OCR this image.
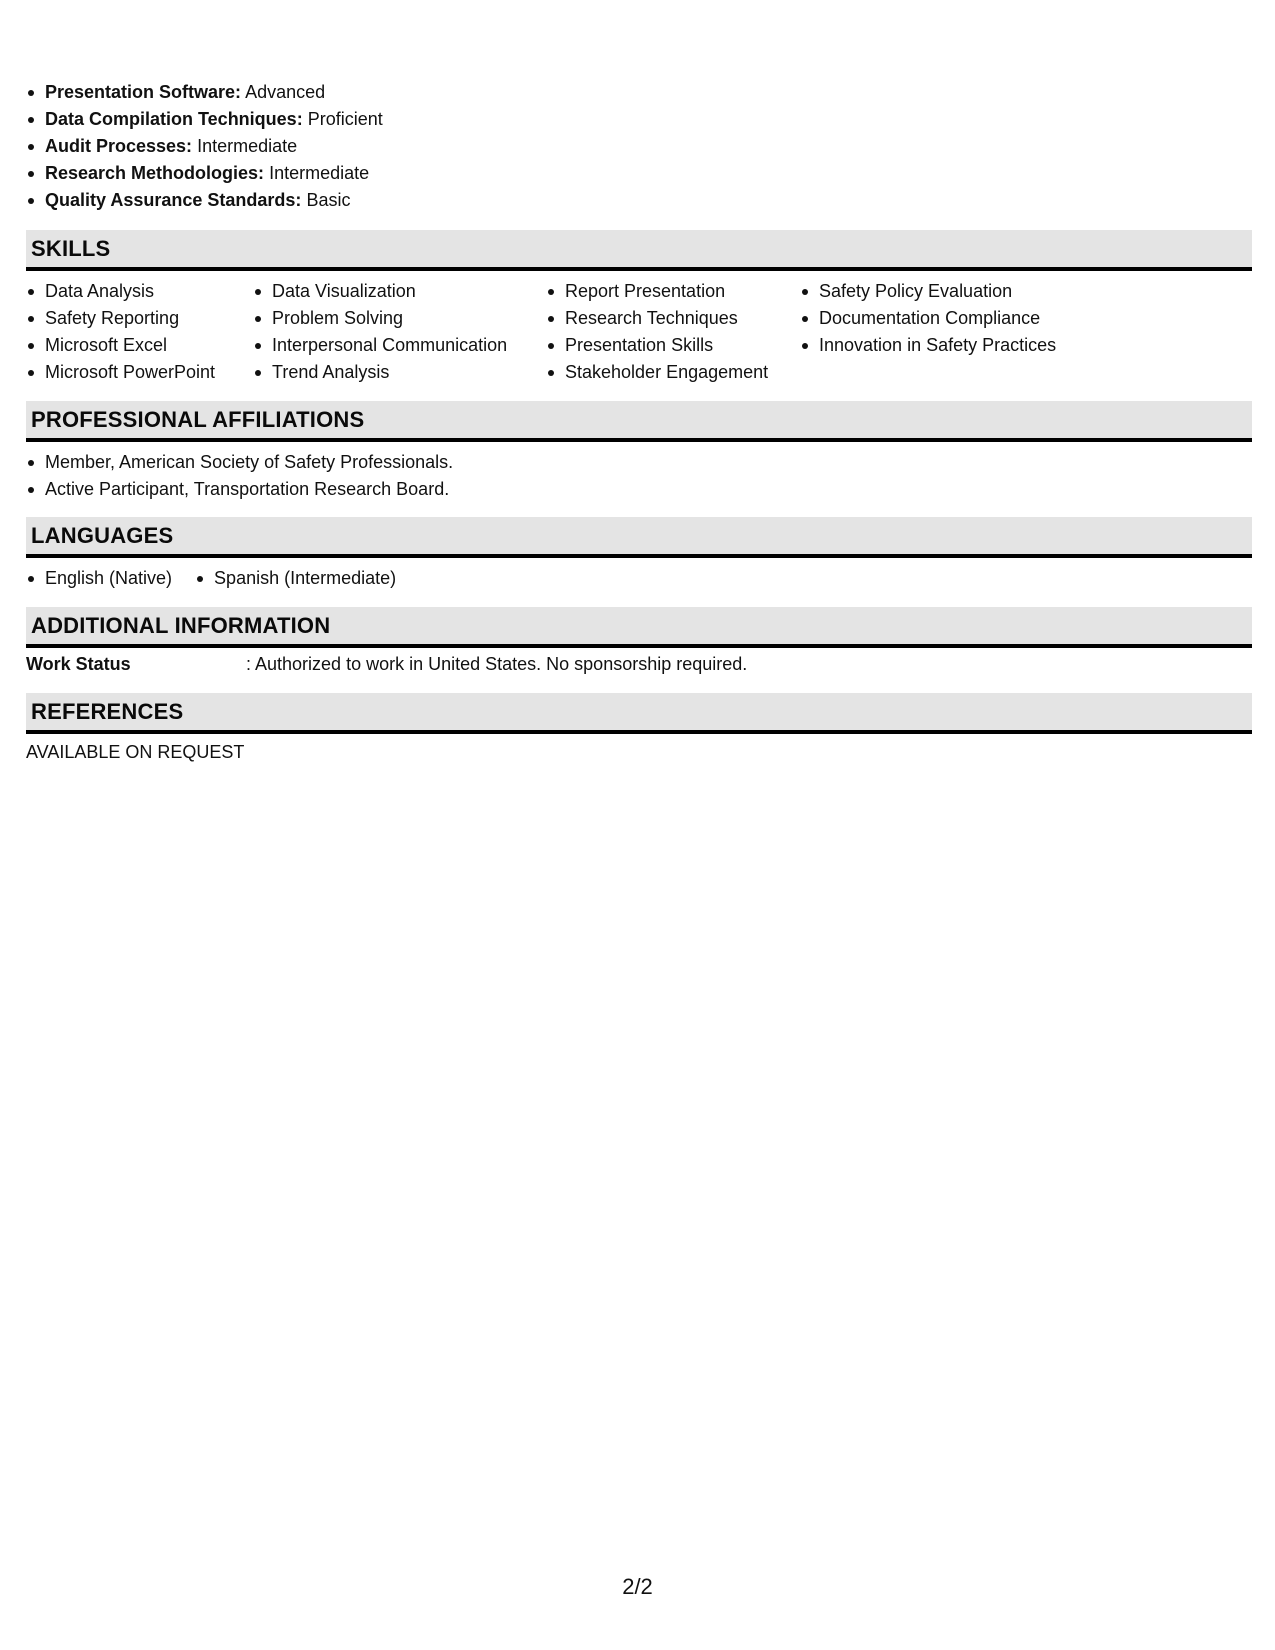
Presentation Software: Advanced
Data Compilation Techniques: Proficient
Audit Processes: Intermediate
Research Methodologies: Intermediate
Quality Assurance Standards: Basic
SKILLS
Data Analysis
Safety Reporting
Microsoft Excel
Microsoft PowerPoint
Data Visualization
Problem Solving
Interpersonal Communication
Trend Analysis
Report Presentation
Research Techniques
Presentation Skills
Stakeholder Engagement
Safety Policy Evaluation
Documentation Compliance
Innovation in Safety Practices
PROFESSIONAL AFFILIATIONS
Member, American Society of Safety Professionals.
Active Participant, Transportation Research Board.
LANGUAGES
English (Native)	Spanish (Intermediate)
ADDITIONAL INFORMATION
Work Status	: Authorized to work in United States. No sponsorship required.
REFERENCES
AVAILABLE ON REQUEST
2/2
